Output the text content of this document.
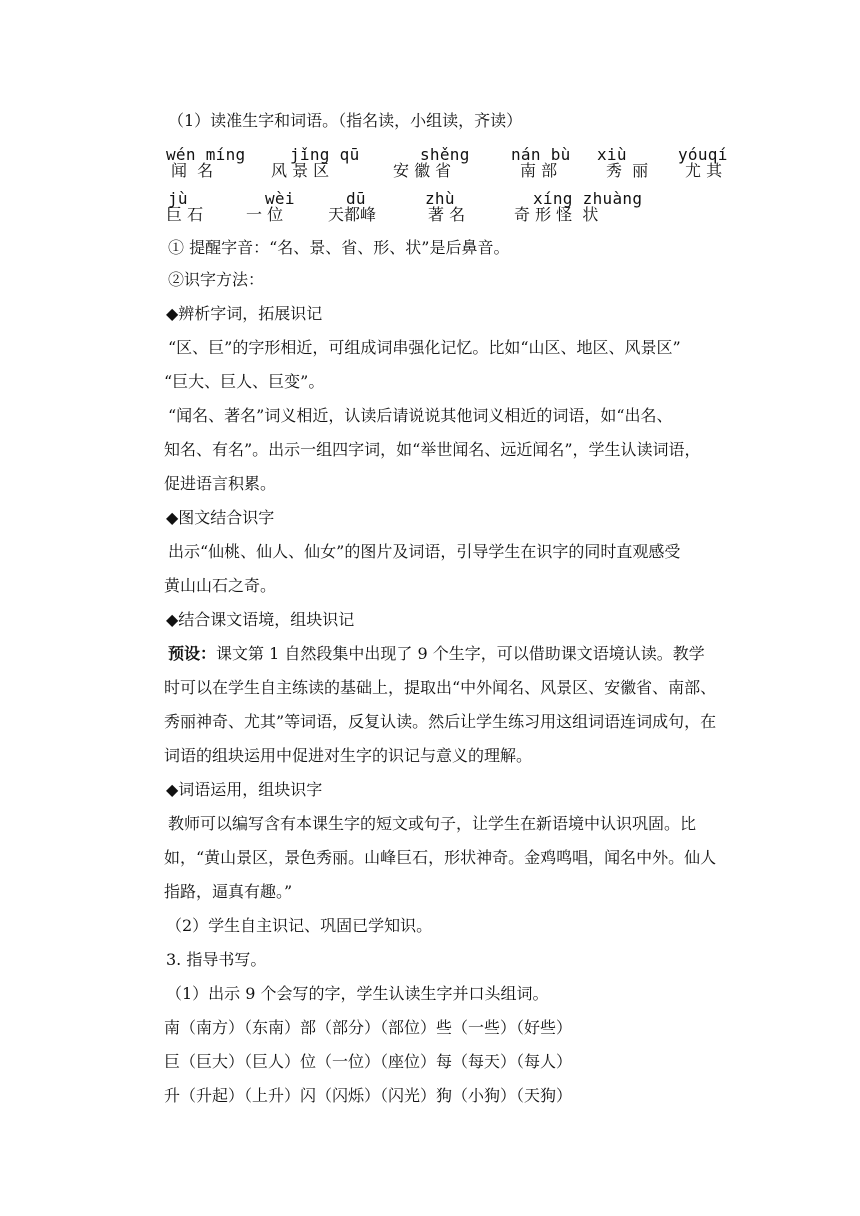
（1）读准生字和词语。（指名读，小组读，齐读）
wén míng
闻  名
jǐng qū
风 景 区
shěng
安 徽 省
nán bù
南 部
xiù
秀  丽
yóuqí
尤 其
jù
巨 石
wèi
一 位
dū
天都峰
zhù
著 名
xíng zhuàng
奇 形 怪  状
① 提醒字音：“名、景、省、形、状”是后鼻音。
②识字方法：
◆辨析字词，拓展识记
“区、巨”的字形相近，可组成词串强化记忆。比如“山区、地区、风景区”
“巨大、巨人、巨变”。
“闻名、著名”词义相近，认读后请说说其他词义相近的词语，如“出名、
知名、有名”。出示一组四字词，如“举世闻名、远近闻名”，学生认读词语，
促进语言积累。
◆图文结合识字
出示“仙桃、仙人、仙女”的图片及词语，引导学生在识字的同时直观感受
黄山山石之奇。
◆结合课文语境，组块识记
预设：课文第 1 自然段集中出现了 9 个生字，可以借助课文语境认读。教学
时可以在学生自主练读的基础上，提取出“中外闻名、风景区、安徽省、南部、
秀丽神奇、尤其”等词语，反复认读。然后让学生练习用这组词语连词成句，在
词语的组块运用中促进对生字的识记与意义的理解。
◆词语运用，组块识字
教师可以编写含有本课生字的短文或句子，让学生在新语境中认识巩固。比
如，“黄山景区，景色秀丽。山峰巨石，形状神奇。金鸡鸣唱，闻名中外。仙人
指路，逼真有趣。”
（2）学生自主识记、巩固已学知识。
3. 指导书写。
（1）出示 9 个会写的字，学生认读生字并口头组词。
南（南方）（东南）部（部分）（部位）些（一些）（好些）
巨（巨大）（巨人）位（一位）（座位）每（每天）（每人）
升（升起）（上升）闪（闪烁）（闪光）狗（小狗）（天狗）
